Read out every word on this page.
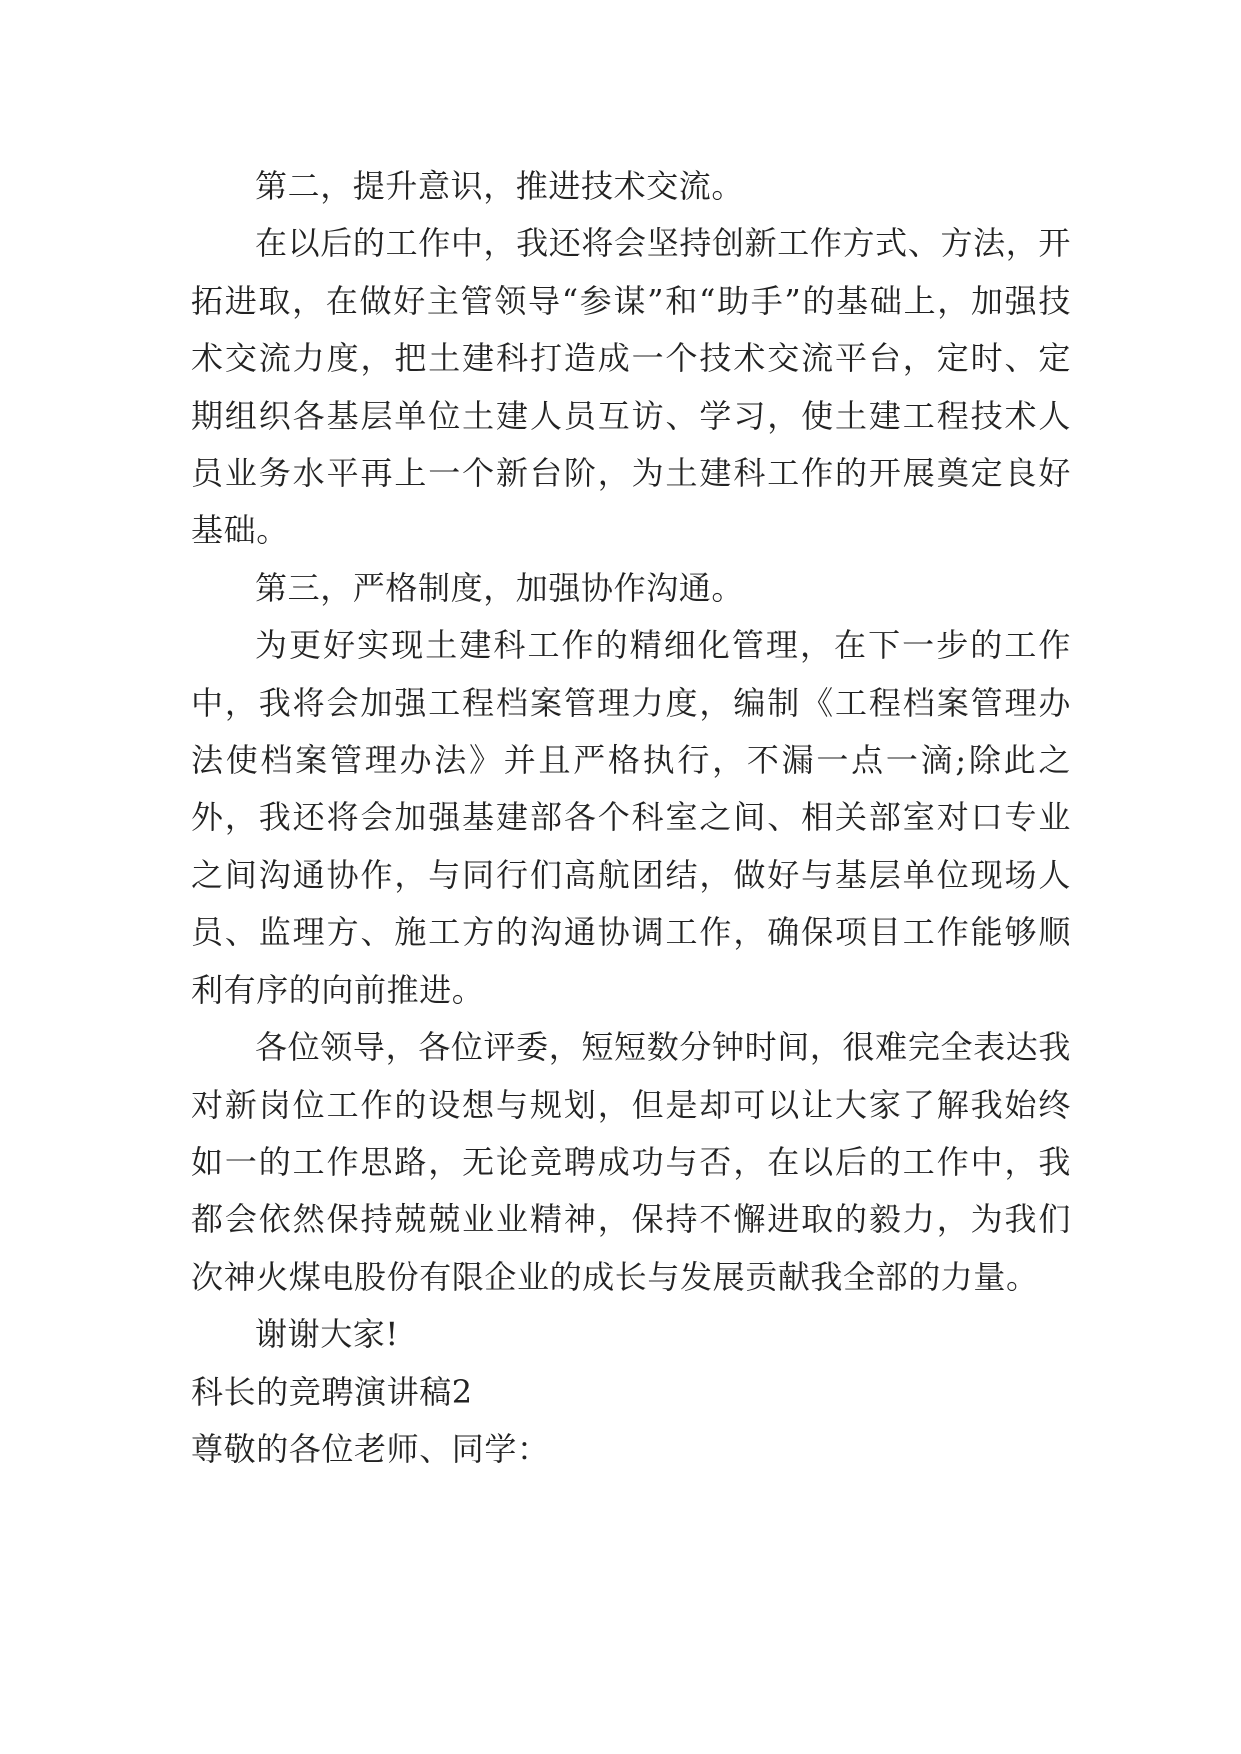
第二，提升意识，推进技术交流。

在以后的工作中，我还将会坚持创新工作方式、方法，开拓进取，在做好主管领导“参谋”和“助手”的基础上，加强技术交流力度，把土建科打造成一个技术交流平台，定时、定期组织各基层单位土建人员互访、学习，使土建工程技术人员业务水平再上一个新台阶，为土建科工作的开展奠定良好基础。

第三，严格制度，加强协作沟通。

为更好实现土建科工作的精细化管理，在下一步的工作中，我将会加强工程档案管理力度，编制《工程档案管理办法使档案管理办法》并且严格执行，不漏一点一滴;除此之外，我还将会加强基建部各个科室之间、相关部室对口专业之间沟通协作，与同行们高航团结，做好与基层单位现场人员、监理方、施工方的沟通协调工作，确保项目工作能够顺利有序的向前推进。

各位领导，各位评委，短短数分钟时间，很难完全表达我对新岗位工作的设想与规划，但是却可以让大家了解我始终如一的工作思路，无论竞聘成功与否，在以后的工作中，我都会依然保持兢兢业业精神，保持不懈进取的毅力，为我们次神火煤电股份有限企业的成长与发展贡献我全部的力量。

谢谢大家!

科长的竞聘演讲稿2

尊敬的各位老师、同学：
